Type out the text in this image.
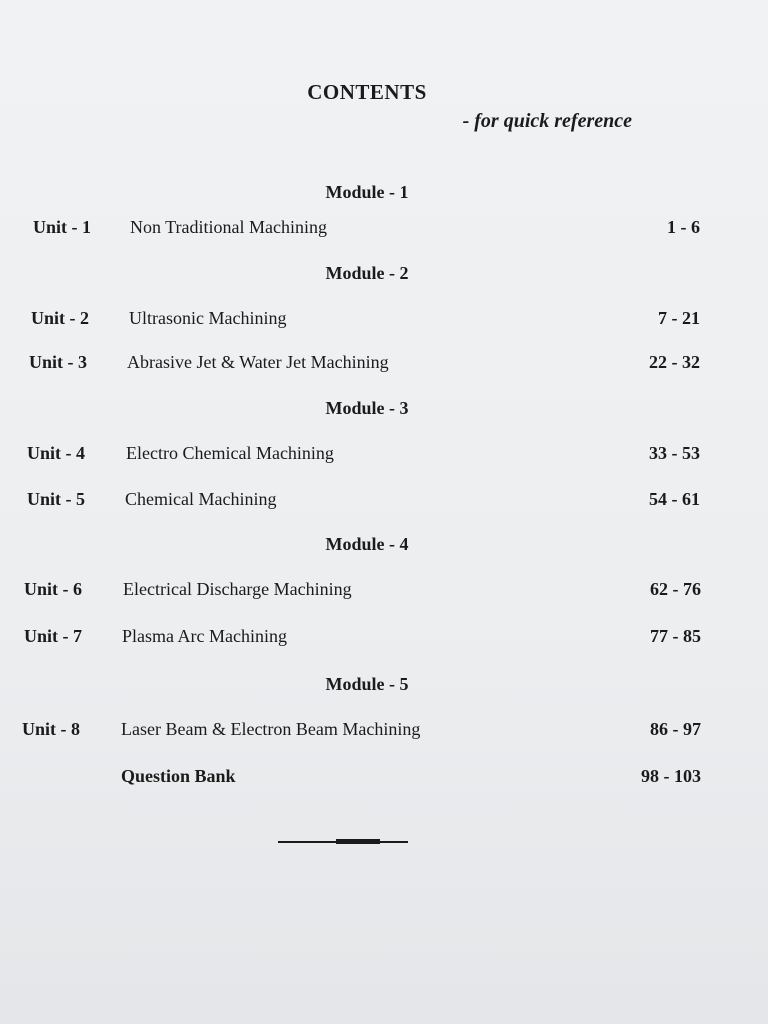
CONTENTS
- for quick reference
Module - 1
Unit - 1 Non Traditional Machining	1 - 6
Module - 2
Unit - 2 Ultrasonic Machining	7 - 21
Unit - 3 Abrasive Jet & Water Jet Machining	22 - 32
Module - 3
Unit - 4 Electro Chemical Machining	33 - 53
Unit - 5 Chemical Machining	54 - 61
Module - 4
Unit - 6 Electrical Discharge Machining	62 - 76
Unit - 7 Plasma Arc Machining	77 - 85
Module - 5
Unit - 8 Laser Beam & Electron Beam Machining	86 - 97
Question Bank	98 - 103
